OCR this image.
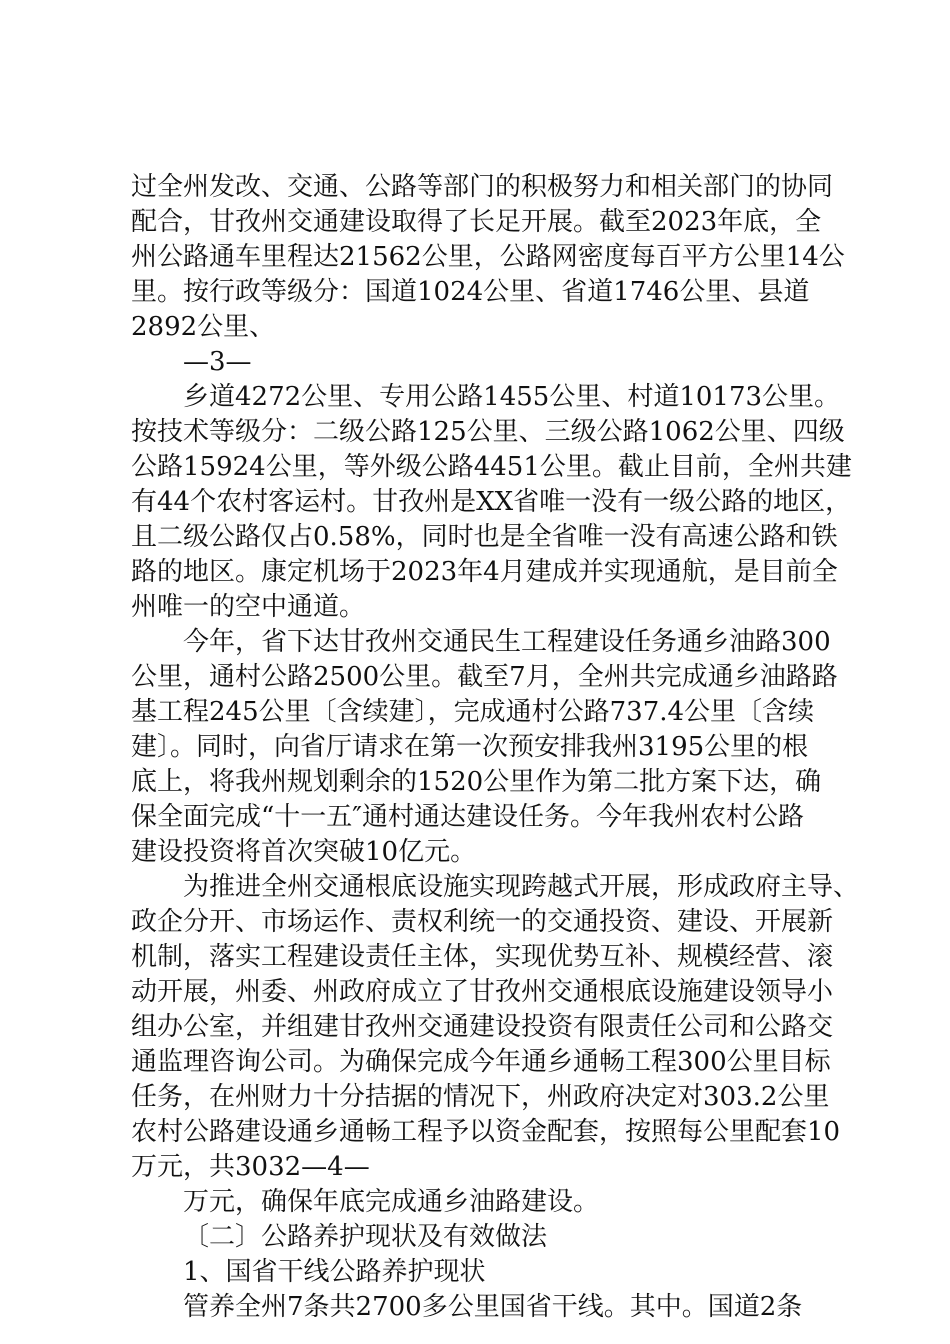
过全州发改、交通、公路等部门的积极努力和相关部门的协同
配合，甘孜州交通建设取得了长足开展。截至2023年底，全
州公路通车里程达21562公里，公路网密度每百平方公里14公
里。按行政等级分：国道1024公里、省道1746公里、县道
2892公里、
—3—
乡道4272公里、专用公路1455公里、村道10173公里。
按技术等级分：二级公路125公里、三级公路1062公里、四级
公路15924公里，等外级公路4451公里。截止目前，全州共建
有44个农村客运村。甘孜州是XX省唯一没有一级公路的地区，
且二级公路仅占0.58%，同时也是全省唯一没有高速公路和铁
路的地区。康定机场于2023年4月建成并实现通航，是目前全
州唯一的空中通道。
今年，省下达甘孜州交通民生工程建设任务通乡油路300
公里，通村公路2500公里。截至7月，全州共完成通乡油路路
基工程245公里〔含续建〕，完成通村公路737.4公里〔含续
建〕。同时，向省厅请求在第一次预安排我州3195公里的根
底上，将我州规划剩余的1520公里作为第二批方案下达，确
保全面完成“十一五″通村通达建设任务。今年我州农村公路
建设投资将首次突破10亿元。
为推进全州交通根底设施实现跨越式开展，形成政府主导、
政企分开、市场运作、责权利统一的交通投资、建设、开展新
机制，落实工程建设责任主体，实现优势互补、规模经营、滚
动开展，州委、州政府成立了甘孜州交通根底设施建设领导小
组办公室，并组建甘孜州交通建设投资有限责任公司和公路交
通监理咨询公司。为确保完成今年通乡通畅工程300公里目标
任务，在州财力十分拮据的情况下，州政府决定对303.2公里
农村公路建设通乡通畅工程予以资金配套，按照每公里配套10
万元，共3032—4—
万元，确保年底完成通乡油路建设。
〔二〕公路养护现状及有效做法
1、国省干线公路养护现状
管养全州7条共2700多公里国省干线。其中。国道2条
